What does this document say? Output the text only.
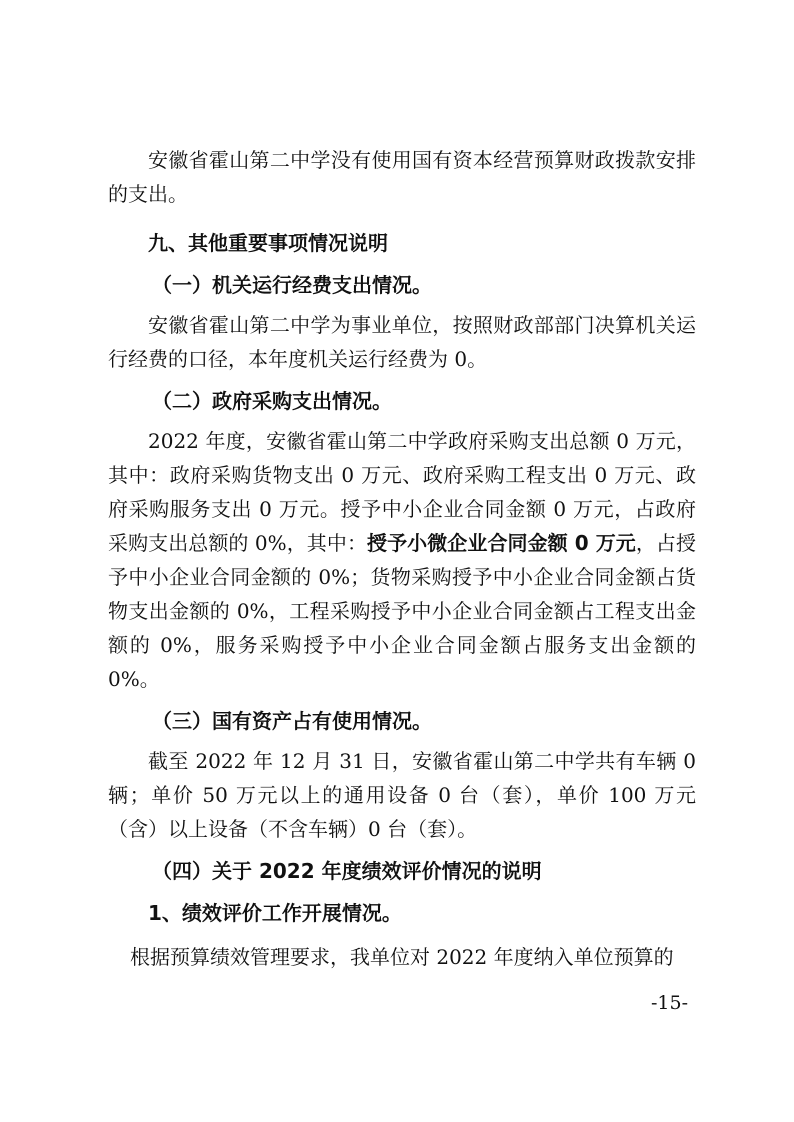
安徽省霍山第二中学没有使用国有资本经营预算财政拨款安排的支出。

九、其他重要事项情况说明

（一）机关运行经费支出情况。

安徽省霍山第二中学为事业单位，按照财政部部门决算机关运行经费的口径，本年度机关运行经费为 0。

（二）政府采购支出情况。

2022 年度，安徽省霍山第二中学政府采购支出总额 0 万元，其中：政府采购货物支出 0 万元、政府采购工程支出 0 万元、政府采购服务支出 0 万元。授予中小企业合同金额 0 万元，占政府采购支出总额的 0%，其中：授予小微企业合同金额 0 万元，占授予中小企业合同金额的 0%；货物采购授予中小企业合同金额占货物支出金额的 0%，工程采购授予中小企业合同金额占工程支出金额的 0%，服务采购授予中小企业合同金额占服务支出金额的 0%。

（三）国有资产占有使用情况。

截至 2022 年 12 月 31 日，安徽省霍山第二中学共有车辆 0 辆；单价 50 万元以上的通用设备 0 台（套），单价 100 万元（含）以上设备（不含车辆）0 台（套）。

（四）关于 2022 年度绩效评价情况的说明

1、绩效评价工作开展情况。

根据预算绩效管理要求，我单位对 2022 年度纳入单位预算的

-15-
